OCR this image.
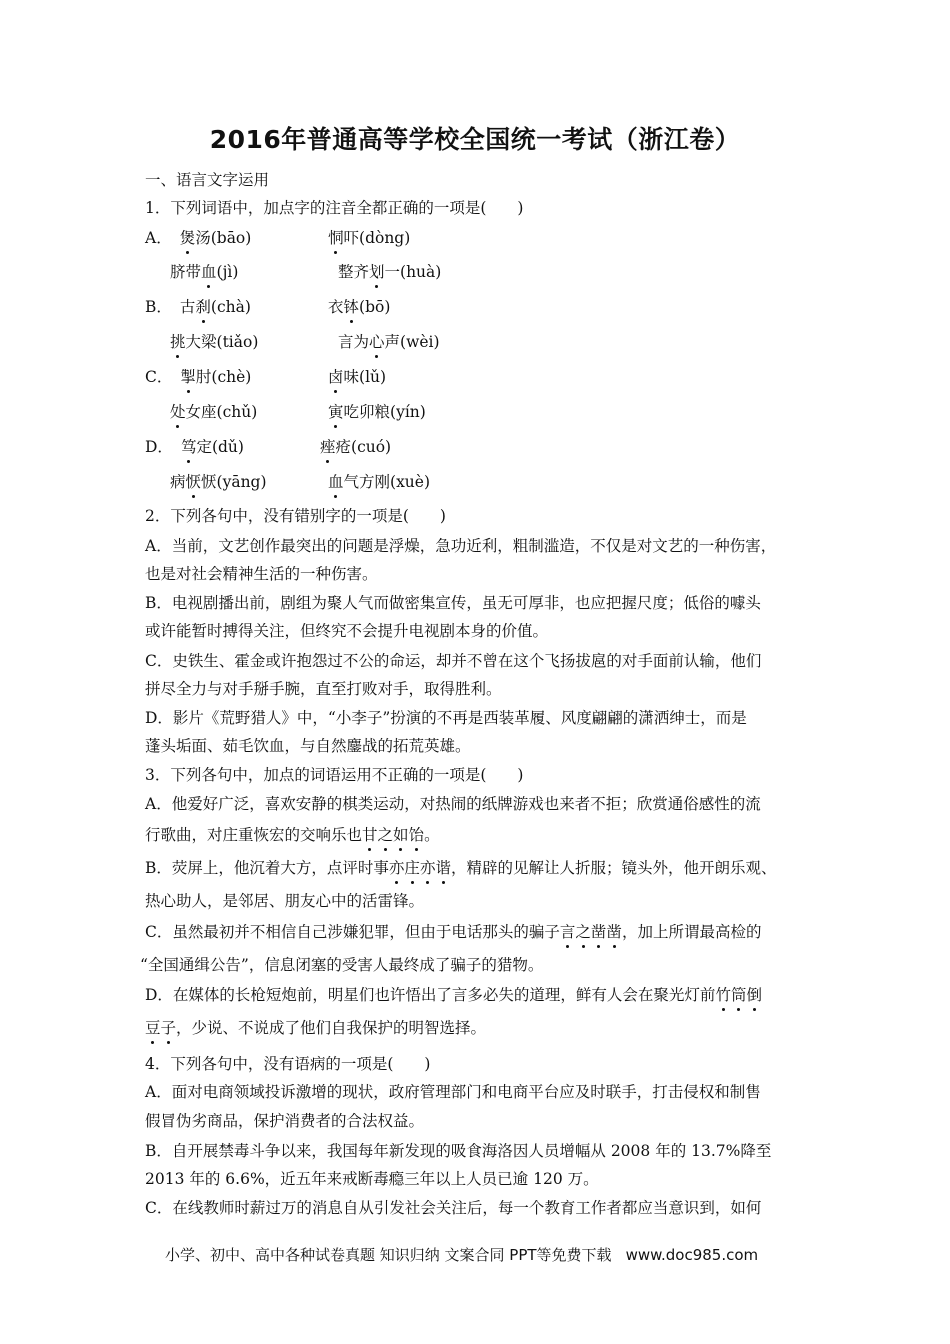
2016年普通高等学校全国统一考试（浙江卷）
一、语言文字运用
1．下列词语中，加点字的注音全都正确的一项是(　　)
A． 煲汤(bāo)	恫吓(dòng)
脐带血(jì)	整齐划一(huà)
B． 古刹(chà)	衣钵(bō)
挑大梁(tiǎo)	言为心声(wèi)
C． 掣肘(chè)	卤味(lǔ)
处女座(chǔ)	寅吃卯粮(yín)
D． 笃定(dǔ)	痤疮(cuó)
病恹恹(yāng)	血气方刚(xuè)
2．下列各句中，没有错别字的一项是(　　)
A．当前，文艺创作最突出的问题是浮燥，急功近利，粗制滥造，不仅是对文艺的一种伤害，
也是对社会精神生活的一种伤害。
B．电视剧播出前，剧组为聚人气而做密集宣传，虽无可厚非，也应把握尺度；低俗的噱头
或许能暂时搏得关注，但终究不会提升电视剧本身的价值。
C．史铁生、霍金或许抱怨过不公的命运，却并不曾在这个飞扬拔扈的对手面前认输，他们
拼尽全力与对手掰手腕，直至打败对手，取得胜利。
D．影片《荒野猎人》中，“小李子”扮演的不再是西装革履、风度翩翩的潇洒绅士，而是
蓬头垢面、茹毛饮血，与自然鏖战的拓荒英雄。
3．下列各句中，加点的词语运用不正确的一项是(　　)
A．他爱好广泛，喜欢安静的棋类运动，对热闹的纸牌游戏也来者不拒；欣赏通俗感性的流
行歌曲，对庄重恢宏的交响乐也甘之如饴。
B．荧屏上，他沉着大方，点评时事亦庄亦谐，精辟的见解让人折服；镜头外，他开朗乐观、
热心助人，是邻居、朋友心中的活雷锋。
C．虽然最初并不相信自己涉嫌犯罪，但由于电话那头的骗子言之凿凿，加上所谓最高检的
“全国通缉公告”，信息闭塞的受害人最终成了骗子的猎物。
D．在媒体的长枪短炮前，明星们也许悟出了言多必失的道理，鲜有人会在聚光灯前竹筒倒
豆子，少说、不说成了他们自我保护的明智选择。
4．下列各句中，没有语病的一项是(　　)
A．面对电商领域投诉激增的现状，政府管理部门和电商平台应及时联手，打击侵权和制售
假冒伪劣商品，保护消费者的合法权益。
B．自开展禁毒斗争以来，我国每年新发现的吸食海洛因人员增幅从 2008 年的 13.7%降至
2013 年的 6.6%，近五年来戒断毒瘾三年以上人员已逾 120 万。
C．在线教师时薪过万的消息自从引发社会关注后，每一个教育工作者都应当意识到，如何
小学、初中、高中各种试卷真题 知识归纳 文案合同 PPT等免费下载 www.doc985.com
